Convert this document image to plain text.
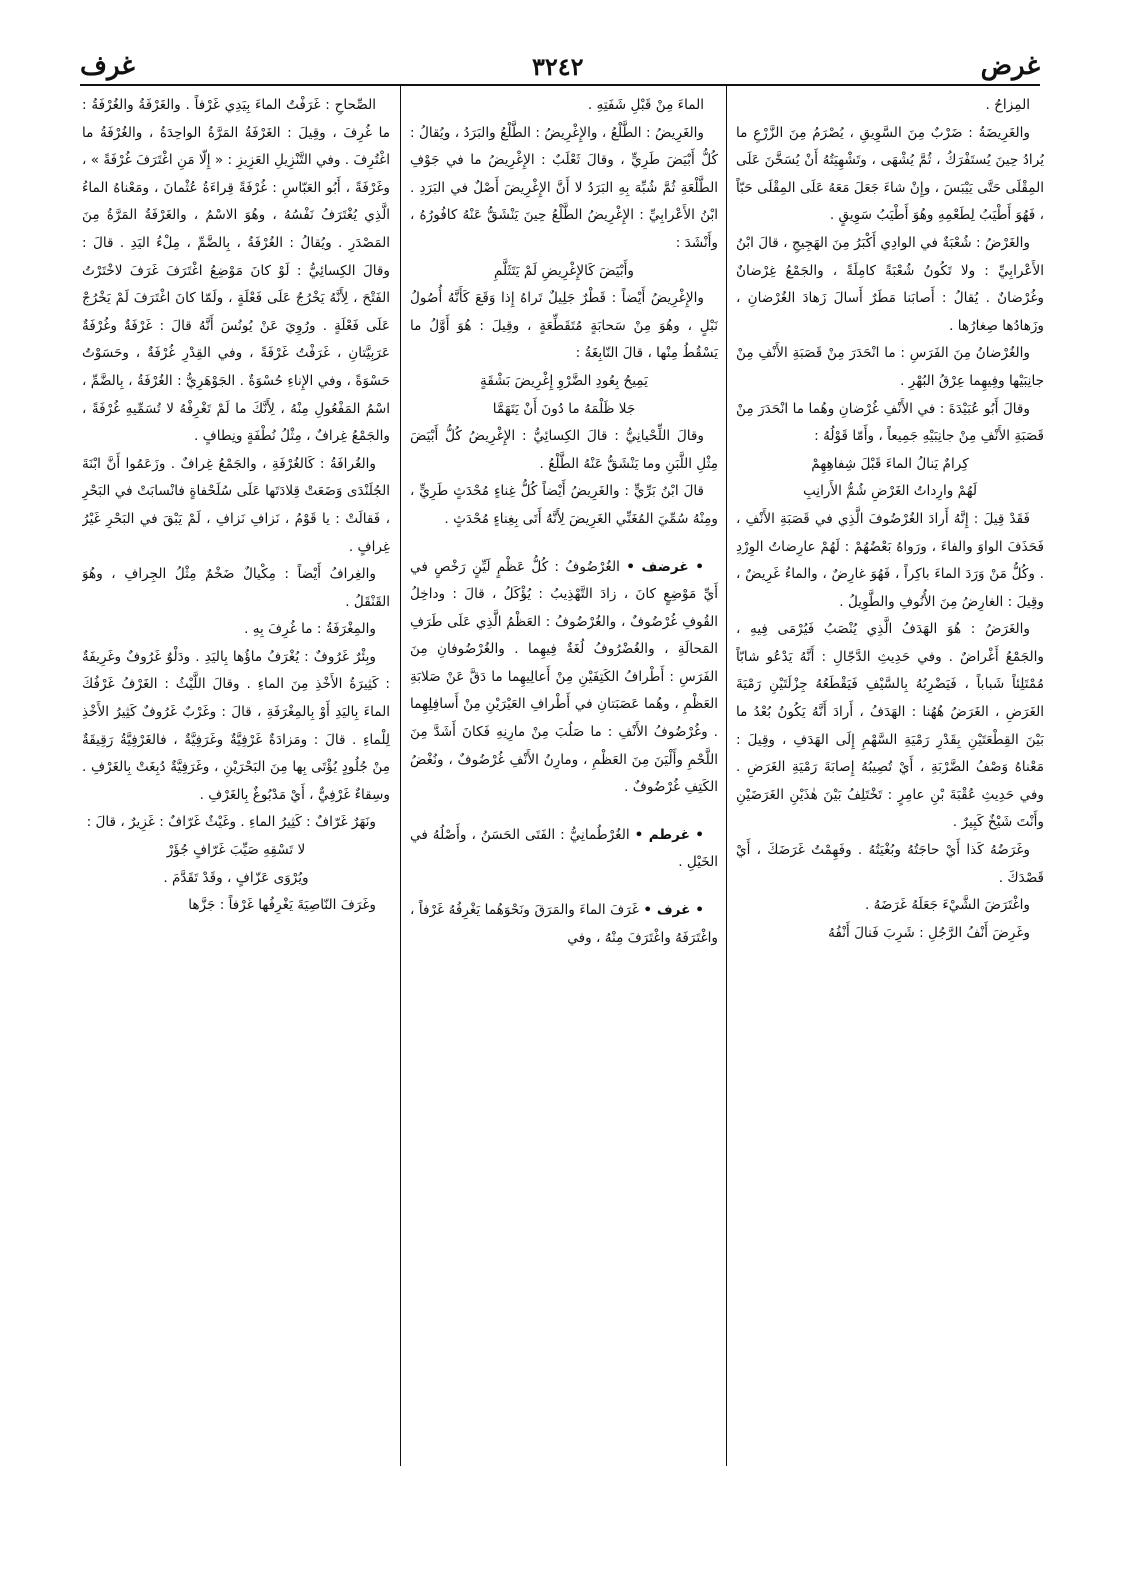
غرف	٣٢٤٢	غرض

المِزاحُ .

والغَرِيضَةُ : ضَرْبٌ مِنَ السَّوِيقِ ، يُصْرَمُ مِنَ الزَّرْعِ ما يُرادُ حِينَ يُستَفْرَكُ ، ثُمَّ يُشْهَى ، وتَشْهِيَتُهُ أَنْ يُسَخَّنَ عَلَى المِقْلَى حَتَّى يَيْبَسَ ، وإِنْ شاءَ جَعَلَ مَعَهُ عَلَى المِقْلَى حَبّاً ، فَهُوَ أَطْيَبُ لِطَعْمِهِ وهُوَ أَطْيَبُ سَوِيقٍ .

والغَرْضُ : شُعْبَةٌ في الوادِي أَكْبَرُ مِنَ الهَجِيجِ ، قالَ ابْنُ الأَعْرابِيِّ : ولا تَكُونُ شُعْبَةً كامِلَةً ، والجَمْعُ غِرْضانٌ وغُرْضانٌ . يُقالُ : أَصابَنا مَطَرٌ أَسالَ زَهادَ الغُرْضانِ ، وزَهادُها صِغارُها .

والغُرْضانُ مِنَ الفَرَسِ : ما انْحَدَرَ مِنْ قَصَبَةِ الأَنْفِ مِنْ جانِبَيْها وفِيهِما عِرْقُ البُهْرِ .

وقالَ أَبُو عُبَيْدَةَ : في الأَنْفِ غُرْضانِ وهُما ما انْحَدَرَ مِنْ قَصَبَةِ الأَنْفِ مِنْ جانِبَيْهِ جَمِيعاً ، وأَمّا قَوْلُهُ :

كِرامٌ يَنالُ الماءَ قَبْلَ شِفاهِهِمْ

لَهُمْ وارِداتُ الغَرْضِ شُمُّ الأَرانِبِ

فَقَدْ قِيلَ : إِنَّهُ أَرادَ الغُرْضُوفَ الَّذِي في قَصَبَةِ الأَنْفِ ، فَحَذَفَ الواوَ والفاءَ ، ورَواهُ بَعْضُهُمْ : لَهُمْ عارِضاتُ الوِرْدِ . وكُلُّ مَنْ وَرَدَ الماءَ باكِراً ، فَهُوَ غارِضٌ ، والماءُ غَرِيضٌ ، وقِيلَ : الغارِضُ مِنَ الأُنُوفِ والطَّوِيلُ .

والغَرَضُ : هُوَ الهَدَفُ الَّذِي يُنْصَبُ فَيُرْمَى فِيهِ ، والجَمْعُ أَغْراضٌ . وفي حَدِيثِ الدَّجّالِ : أَنَّهُ يَدْعُو شابّاً مُمْتَلِئاً شَباباً ، فَيَضْرِبُهُ بِالسَّيْفِ فَيَقْطَعُهُ جِزْلَتَيْنِ رَمْيَةَ الغَرَضِ ، الغَرَضُ هُهُنا : الهَدَفُ ، أَرادَ أَنَّهُ يَكُونُ بُعْدُ ما بَيْنَ القِطْعَتَيْنِ بِقَدْرِ رَمْيَةِ السَّهْمِ إِلَى الهَدَفِ ، وقِيلَ : مَعْناهُ وَصْفُ الضَّرْبَةِ ، أَيْ تُصِيبُهُ إِصابَةَ رَمْيَةِ الغَرَضِ . وفي حَدِيثِ عُقْبَةَ بْنِ عامِرٍ : تَخْتَلِفُ بَيْنَ هٰذَيْنِ الغَرَضَيْنِ وأَنْتَ شَيْخٌ كَبِيرٌ .

وغَرَضُهُ كَذا أَيْ حاجَتُهُ وبُغْيَتُهُ . وفَهِمْتُ غَرَضَكَ ، أَيْ قَصْدَكَ .

واغْتَرَضَ الشَّيْءَ جَعَلَهُ غَرَضَهُ .

وغَرِضَ أَنْفُ الرَّجُلِ : شَرِبَ فَنالَ أَنْفُهُ

الماءَ مِنْ قَبْلِ شَفَتِهِ .

والغَرِيضُ : الطَّلْعُ ، والإِغْرِيضُ : الطَّلْعُ والبَرَدُ ، ويُقالُ : كُلُّ أَبْيَضَ طَرِيٍّ ، وقالَ ثَعْلَبٌ : الإِغْرِيضُ ما في جَوْفِ الطَّلْعَةِ ثُمَّ شُبِّهَ بِهِ البَرَدُ لا أَنَّ الإِغْرِيضَ أَصْلٌ في البَرَدِ . ابْنُ الأَعْرابِيِّ : الإِغْرِيضُ الطَّلْعُ حِينَ يَنْشَقُّ عَنْهُ كافُورُهُ ، وأَنْشَدَ :

وأَبْيَضَ كَالإِغْرِيضِ لَمْ يَتَثَلَّمِ

والإِغْرِيضُ أَيْضاً : قَطْرٌ جَلِيلٌ تَراهُ إِذا وَقَعَ كَأَنَّهُ أُصُولُ نَبْلٍ ، وهُوَ مِنْ سَحابَةٍ مُتَقَطِّعَةٍ ، وقِيلَ : هُوَ أَوَّلُ ما يَسْقُطُ مِنْها ، قالَ النّابِغَةُ :

يَمِيحُ بِعُودِ الضَّرْوِ إِغْرِيضَ بَشْقَةٍ

جَلا ظَلْمَهُ ما دُونَ أَنْ يَتَهَمَّا

وقالَ اللِّحْيانِيُّ : قالَ الكِسائِيُّ : الإِغْرِيضُ كُلُّ أَبْيَضَ مِثْلِ اللَّبَنِ وما يَنْشَقُّ عَنْهُ الطَّلْعُ .

قالَ ابْنُ بَرِّيٍّ : والغَرِيضُ أَيْضاً كُلُّ غِناءٍ مُحْدَثٍ طَرِيٍّ ، ومِنْهُ سُمِّيَ المُغَنِّي الغَرِيضَ لِأَنَّهُ أَتَى بِغِناءٍ مُحْدَثٍ .

• غرضف • الغُرْضُوفُ : كُلُّ عَظْمٍ لَيِّنٍ رَخْصٍ في أَيِّ مَوْضِعٍ كانَ ، زادَ التَّهْذِيبُ : يُؤْكَلُ ، قالَ : وداخِلُ القُوفِ غُرْضُوفٌ ، والغُرْضُوفُ : العَظْمُ الَّذِي عَلَى طَرَفِ المَحالَةِ ، والغُضْرُوفُ لُغَةٌ فِيهِما . والغُرْضُوفانِ مِنَ الفَرَسِ : أَطْرافُ الكَتِفَيْنِ مِنْ أَعالِيهِما ما دَقَّ عَنْ صَلابَةِ العَظْمِ ، وهُما عَصَبَتانِ في أَطْرافِ العَيْرَيْنِ مِنْ أَسافِلِهِما . وغُرْضُوفُ الأَنْفِ : ما صَلُبَ مِنْ مارِنِهِ فَكانَ أَشَدَّ مِنَ اللَّحْمِ وأَلْيَنَ مِنَ العَظْمِ ، ومارِنُ الأَنْفِ غُرْضُوفٌ ، ونُغْضُ الكَتِفِ غُرْضُوفٌ .

• غرطم • الغُرْطُمانِيُّ : الفَتَى الحَسَنُ ، وأَصْلُهُ في الخَيْلِ .

• غرف • غَرَفَ الماءَ والمَرَقَ ونَحْوَهُما يَغْرِفُهُ غَرْفاً ، واغْتَرَفَهُ واغْتَرَفَ مِنْهُ ، وفي

الصِّحاحِ : غَرَفْتُ الماءَ بِيَدِي غَرْفاً . والغَرْفَةُ والغُرْفَةُ : ما غُرِفَ ، وقِيلَ : الغَرْفَةُ المَرَّةُ الواحِدَةُ ، والغُرْفَةُ ما اغْتُرِفَ . وفي التَّنْزِيلِ العَزِيزِ : « إِلّا مَنِ اغْتَرَفَ غُرْفَةً » ، وغَرْفَةً ، أَبُو العَبّاسِ : غُرْفَةً قِراءَةُ عُثْمانَ ، ومَعْناهُ الماءُ الَّذِي يُغْتَرَفُ نَفْسُهُ ، وهُوَ الاسْمُ ، والغَرْفَةُ المَرَّةُ مِنَ المَصْدَرِ . ويُقالُ : الغُرْفَةُ ، بِالضَّمِّ ، مِلْءُ اليَدِ . قالَ : وقالَ الكِسائِيُّ : لَوْ كانَ مَوْضِعُ اغْتَرَفَ غَرَفَ لاخْتَرْتُ الفَتْحَ ، لِأَنَّهُ يَخْرُجُ عَلَى فَعْلَةٍ ، ولَمّا كانَ اغْتَرَفَ لَمْ يَخْرُجْ عَلَى فَعْلَةٍ . ورُوِيَ عَنْ يُونُسَ أَنَّهُ قالَ : غَرْفَةٌ وغُرْفَةٌ عَرَبِيَّتانِ ، غَرَفْتُ غَرْفَةً ، وفي القِدْرِ غُرْفَةٌ ، وحَسَوْتُ حَسْوَةً ، وفي الإِناءِ حُسْوَةٌ . الجَوْهَرِيُّ : الغُرْفَةُ ، بِالضَّمِّ ، اسْمُ المَفْعُولِ مِنْهُ ، لِأَنَّكَ ما لَمْ تَغْرِفْهُ لا تُسَمِّيهِ غُرْفَةً ، والجَمْعُ غِرافٌ ، مِثْلُ نُطْفَةٍ ونِطافٍ .

والغُرافَةُ : كَالغُرْفَةِ ، والجَمْعُ غِرافٌ . وزَعَمُوا أَنَّ ابْنَةَ الجُلَنْدَى وَضَعَتْ قِلادَتَها عَلَى سُلَحْفاةٍ فانْسابَتْ في البَحْرِ ، فَقالَتْ : يا قَوْمُ ، نَزافِ نَزافِ ، لَمْ يَبْقَ في البَحْرِ غَيْرُ غِرافٍ .

والغِرافُ أَيْضاً : مِكْيالٌ ضَخْمٌ مِثْلُ الجِرافِ ، وهُوَ القَنْقَلُ .

والمِغْرَفَةُ : ما غُرِفَ بِهِ .

وبِئْرٌ غَرُوفٌ : يُغْرَفُ ماؤُها بِاليَدِ . ودَلْوٌ غَرُوفٌ وغَرِيفَةٌ : كَثِيرَةُ الأَخْذِ مِنَ الماءِ . وقالَ اللَّيْثُ : الغَرْفُ غَرْفُكَ الماءَ بِاليَدِ أَوْ بِالمِغْرَفَةِ ، قالَ : وغَرْبٌ غَرُوفٌ كَثِيرُ الأَخْذِ لِلْماءِ . قالَ : ومَزادَةٌ غَرْفِيَّةٌ وغَرَفِيَّةٌ ، فالغَرْفِيَّةُ رَقِيقَةٌ مِنْ جُلُودٍ يُؤْتَى بِها مِنَ البَحْرَيْنِ ، وغَرَفِيَّةٌ دُبِغَتْ بِالغَرْفِ . وسِقاءٌ غَرْفِيٌّ ، أَيْ مَدْبُوغٌ بِالغَرْفِ .

ونَهَرٌ غَرّافٌ : كَثِيرُ الماءِ . وغَيْثٌ غَرّافٌ : غَزِيرٌ ، قالَ :

لا تَسْقِهِ صَيِّبَ غَرّافٍ جُؤَرْ

ويُرْوَى عَزّافٍ ، وقَدْ تَقَدَّمَ .

وغَرَفَ النّاصِيَةَ يَغْرِفُها غَرْفاً : جَزَّها
